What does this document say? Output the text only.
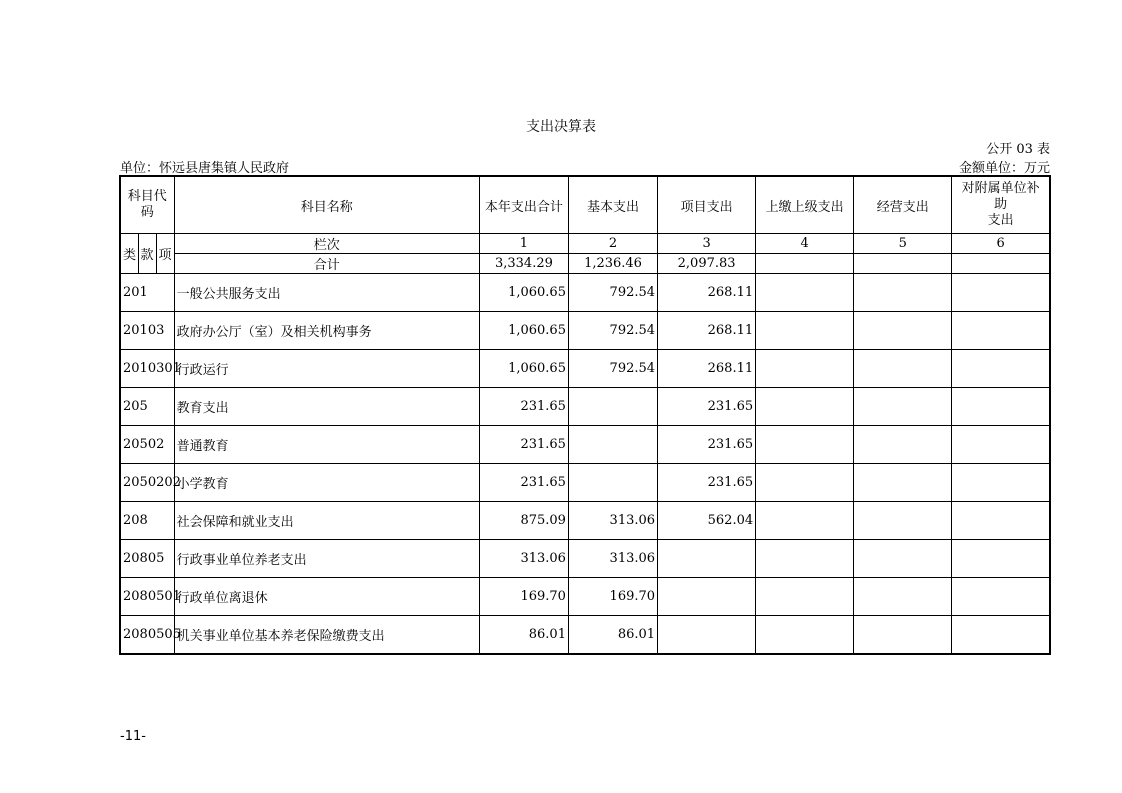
支出决算表
公开 03 表
单位：怀远县唐集镇人民政府	金额单位：万元
科目代
码			科目名称	本年支出合计	基本支出	项目支出	上缴上级支出	经营支出	对附属单位补
助
支出
类	款	项	栏次	1	2	3	4	5	6
			合计	3,334.29	1,236.46	2,097.83			
201			一般公共服务支出	1,060.65	792.54	268.11			
20103			政府办公厅（室）及相关机构事务	1,060.65	792.54	268.11			
2010301			行政运行	1,060.65	792.54	268.11			
205			教育支出	231.65		231.65			
20502			普通教育	231.65		231.65			
2050202			小学教育	231.65		231.65			
208			社会保障和就业支出	875.09	313.06	562.04			
20805			行政事业单位养老支出	313.06	313.06				
2080501			行政单位离退休	169.70	169.70				
2080505			机关事业单位基本养老保险缴费支出	86.01	86.01				
-11-
